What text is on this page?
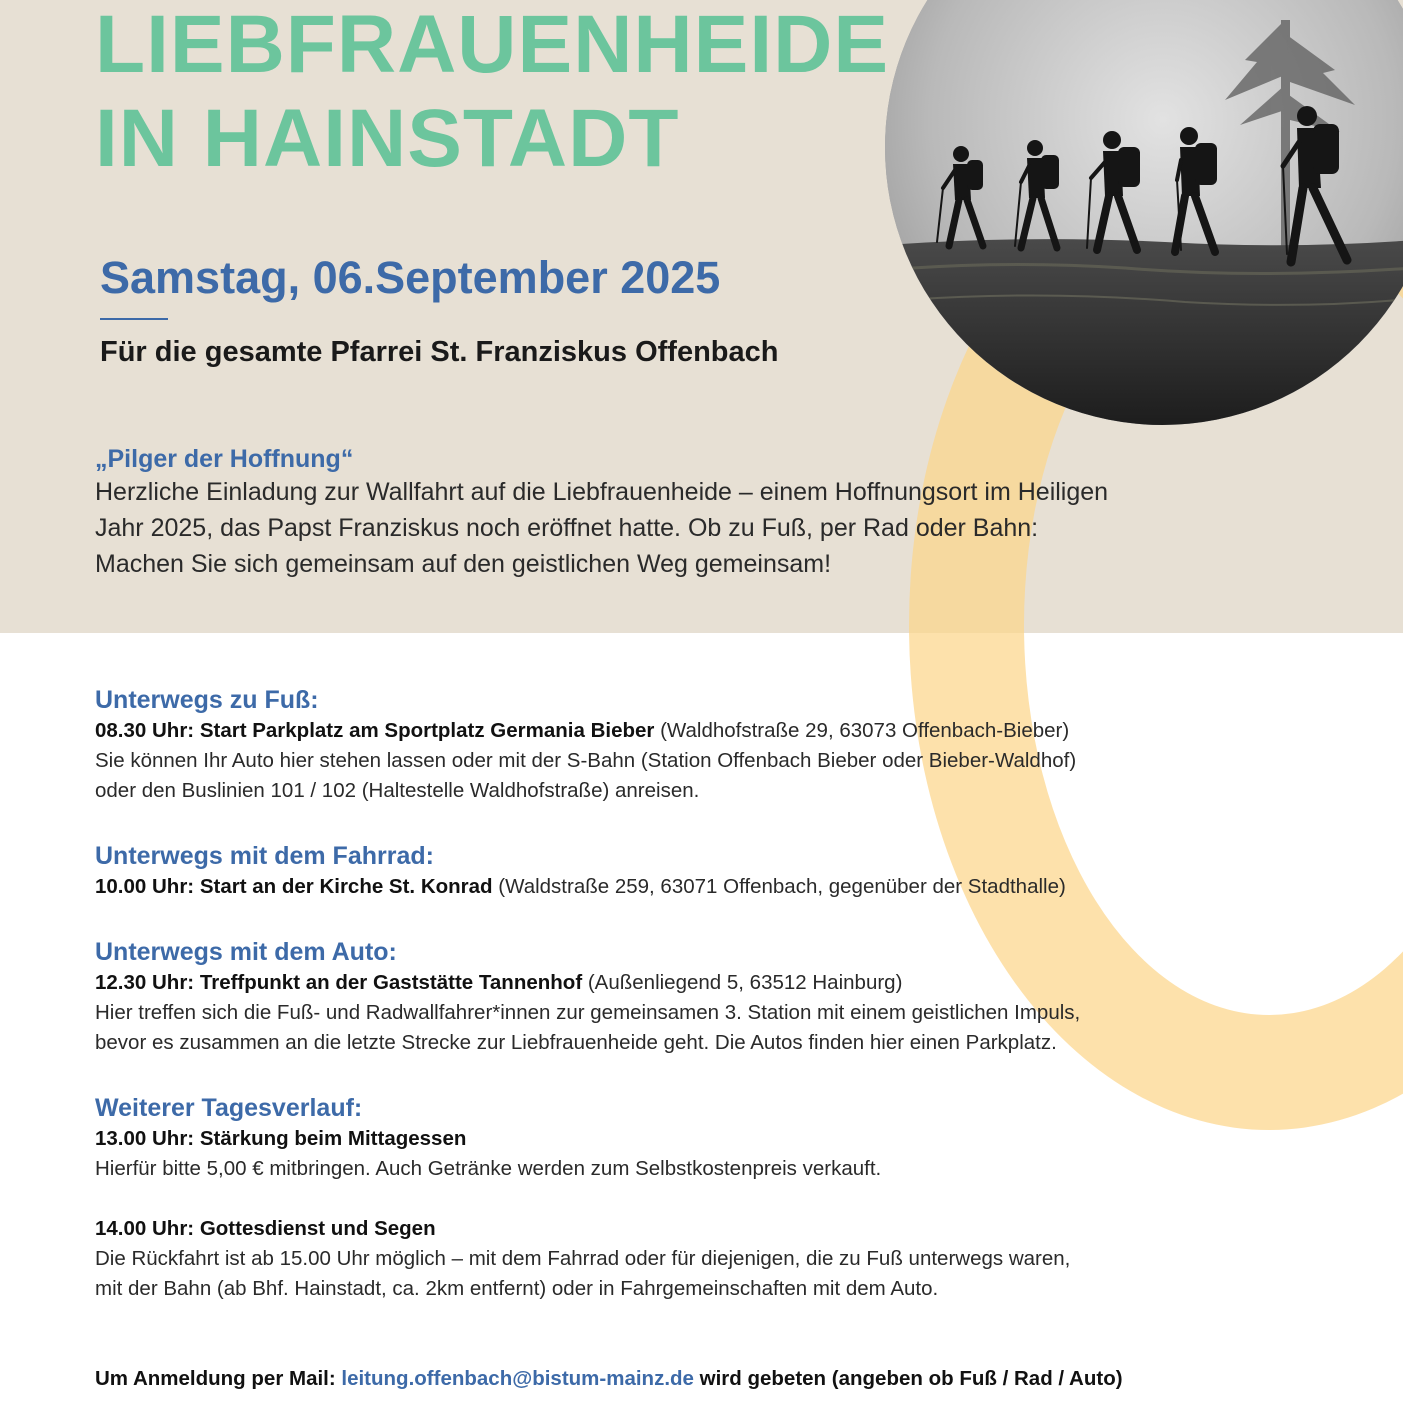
LIEBFRAUENHEIDE
IN HAINSTADT
Samstag, 06.September 2025
Für die gesamte Pfarrei St. Franziskus Offenbach
„Pilger der Hoffnung“

Herzliche Einladung zur Wallfahrt auf die Liebfrauenheide – einem Hoffnungsort im Heiligen

Jahr 2025, das Papst Franziskus noch eröffnet hatte. Ob zu Fuß, per Rad oder Bahn:

Machen Sie sich gemeinsam auf den geistlichen Weg gemeinsam!

Unterwegs zu Fuß:
08.30 Uhr: Start Parkplatz am Sportplatz Germania Bieber (Waldhofstraße 29, 63073 Offenbach-Bieber)
Sie können Ihr Auto hier stehen lassen oder mit der S-Bahn (Station Offenbach Bieber oder Bieber-Waldhof)
oder den Buslinien 101 / 102 (Haltestelle Waldhofstraße) anreisen.
Unterwegs mit dem Fahrrad:
10.00 Uhr: Start an der Kirche St. Konrad (Waldstraße 259, 63071 Offenbach, gegenüber der Stadthalle)
Unterwegs mit dem Auto:
12.30 Uhr: Treffpunkt an der Gaststätte Tannenhof (Außenliegend 5, 63512 Hainburg)
Hier treffen sich die Fuß- und Radwallfahrer*innen zur gemeinsamen 3. Station mit einem geistlichen Impuls,
bevor es zusammen an die letzte Strecke zur Liebfrauenheide geht. Die Autos finden hier einen Parkplatz.
Weiterer Tagesverlauf:
13.00 Uhr: Stärkung beim Mittagessen
Hierfür bitte 5,00 € mitbringen. Auch Getränke werden zum Selbstkostenpreis verkauft.
14.00 Uhr: Gottesdienst und Segen
Die Rückfahrt ist ab 15.00 Uhr möglich – mit dem Fahrrad oder für diejenigen, die zu Fuß unterwegs waren,
mit der Bahn (ab Bhf. Hainstadt, ca. 2km entfernt) oder in Fahrgemeinschaften mit dem Auto.
Um Anmeldung per Mail: leitung.offenbach@bistum-mainz.de wird gebeten (angeben ob Fuß / Rad / Auto)
